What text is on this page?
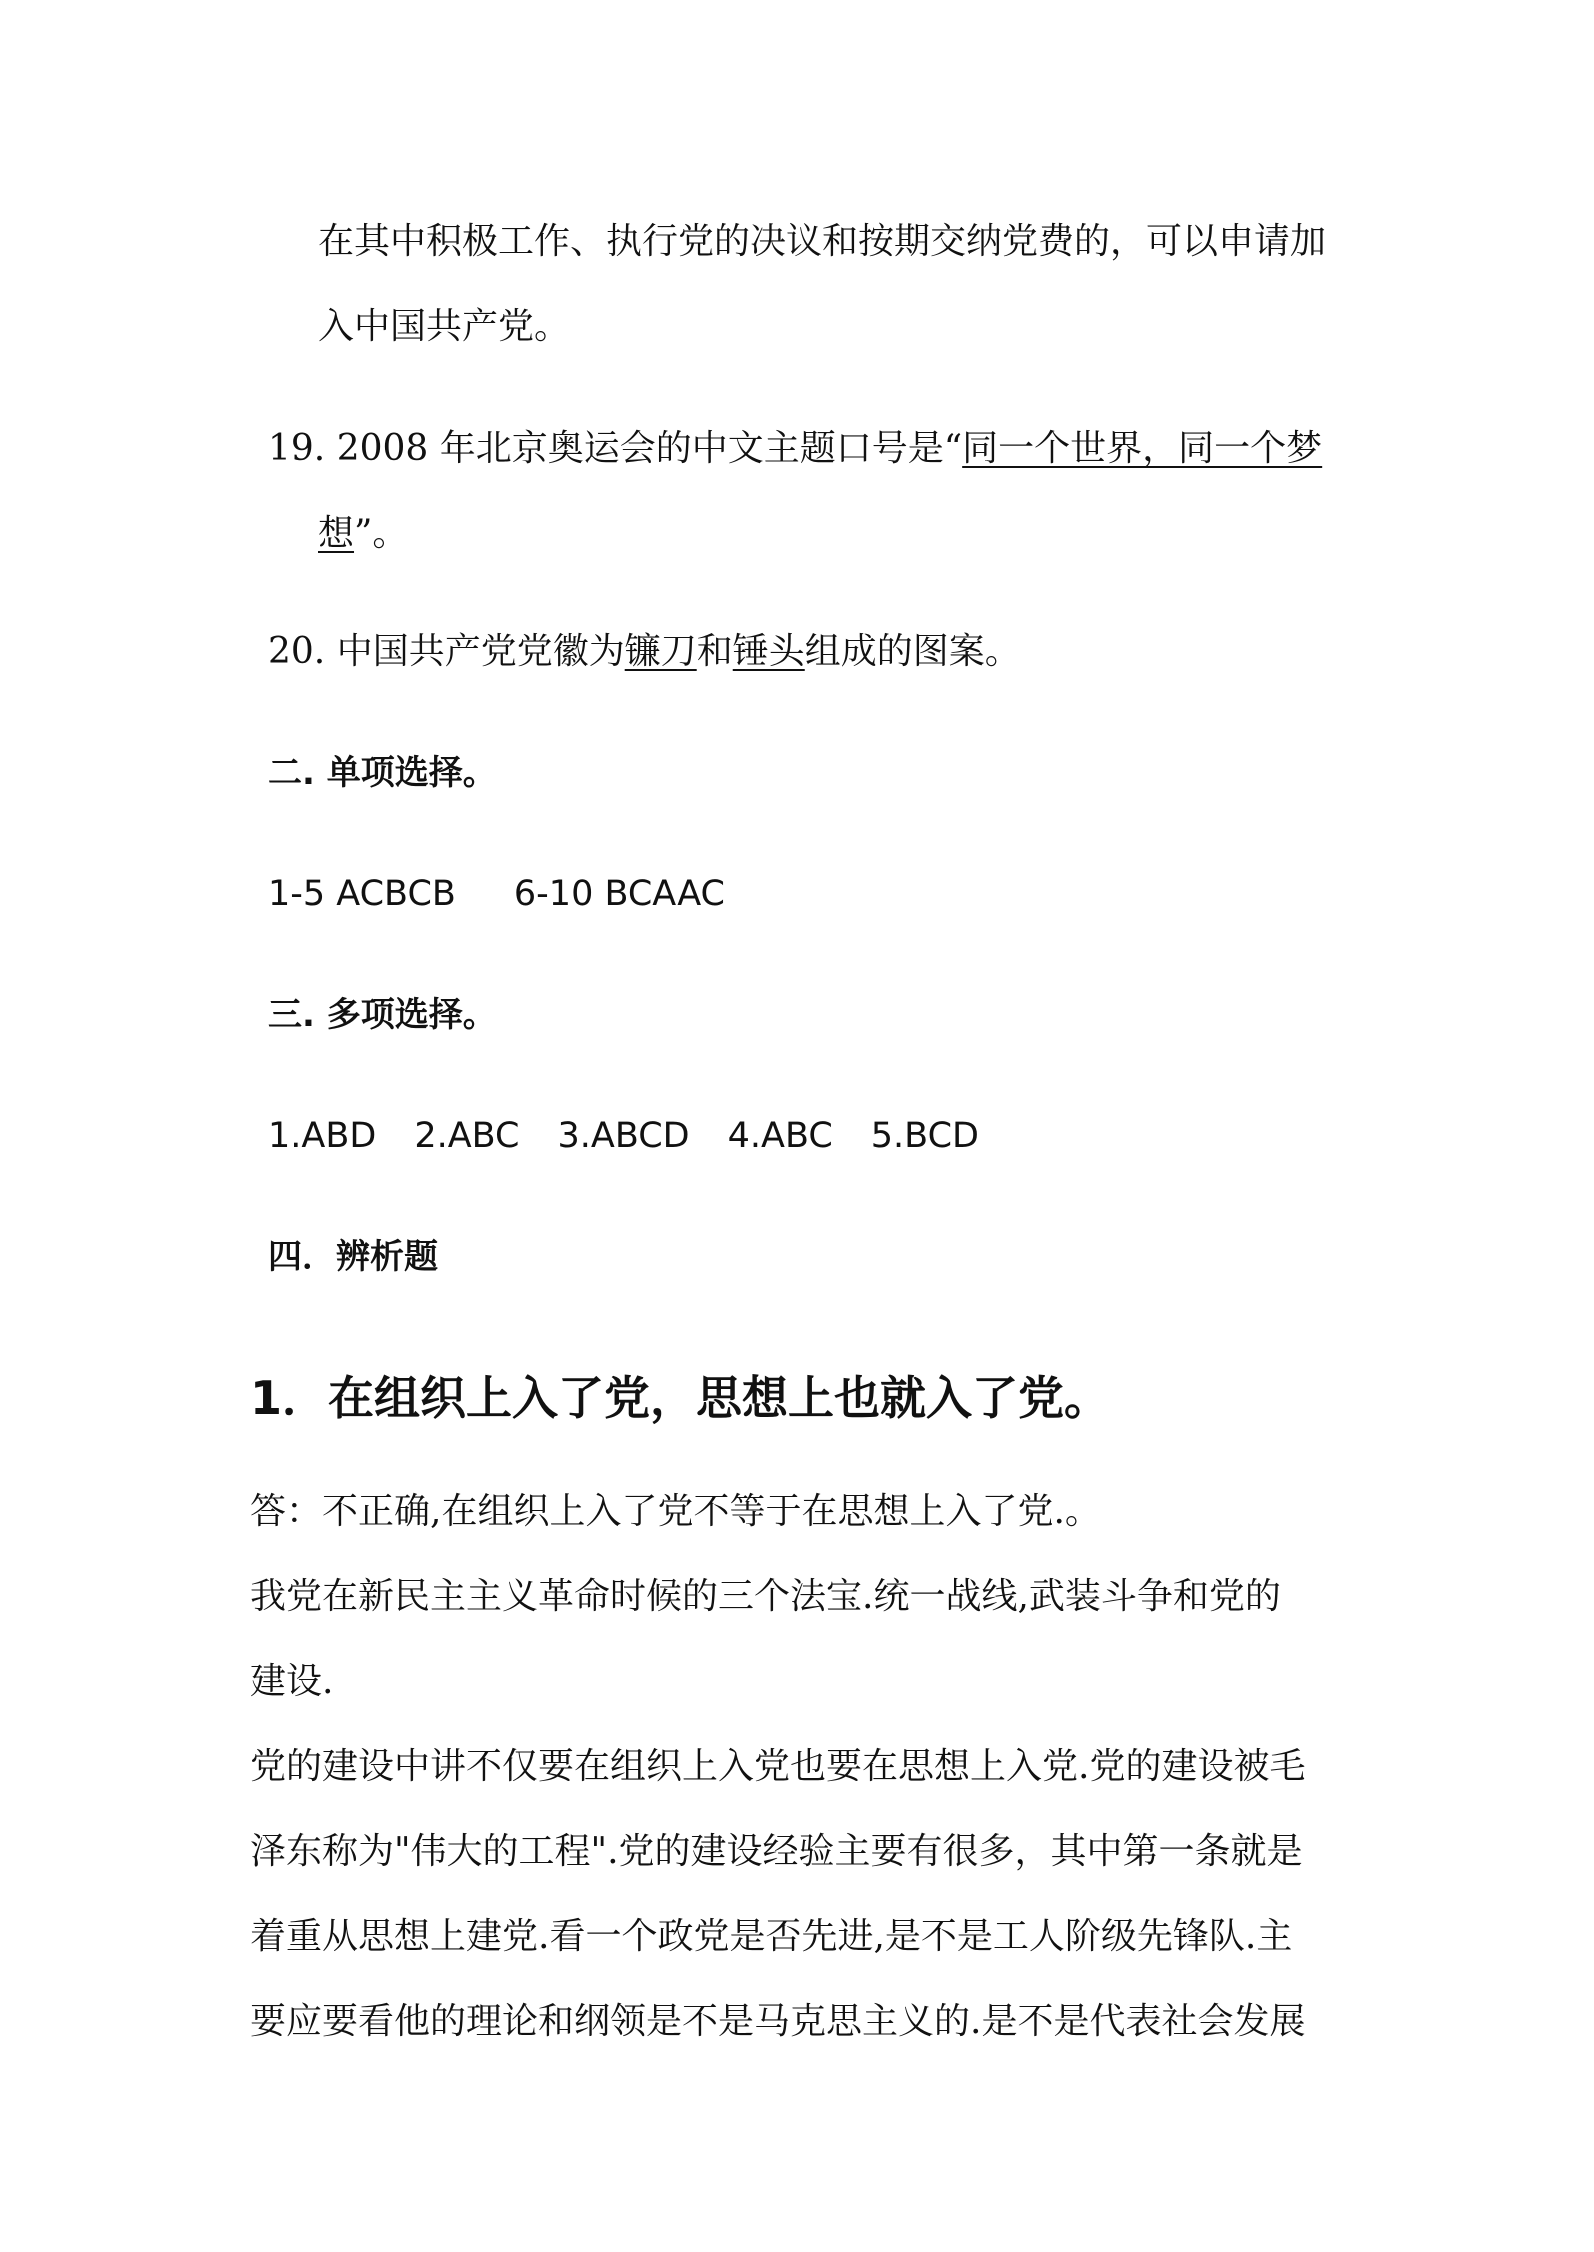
在其中积极工作、执行党的决议和按期交纳党费的，可以申请加
入中国共产党。
19. 2008 年北京奥运会的中文主题口号是“同一个世界，同一个梦
想”。
20. 中国共产党党徽为镰刀和锤头组成的图案。
二. 单项选择。
1-5 ACBCB 6-10 BCAAC
三. 多项选择。
1.ABD 2.ABC 3.ABCD 4.ABC 5.BCD
四．辨析题
1．在组织上入了党，思想上也就入了党。
答：不正确,在组织上入了党不等于在思想上入了党.。
我党在新民主主义革命时候的三个法宝.统一战线,武装斗争和党的
建设.
党的建设中讲不仅要在组织上入党也要在思想上入党.党的建设被毛
泽东称为"伟大的工程".党的建设经验主要有很多，其中第一条就是
着重从思想上建党.看一个政党是否先进,是不是工人阶级先锋队.主
要应要看他的理论和纲领是不是马克思主义的.是不是代表社会发展
